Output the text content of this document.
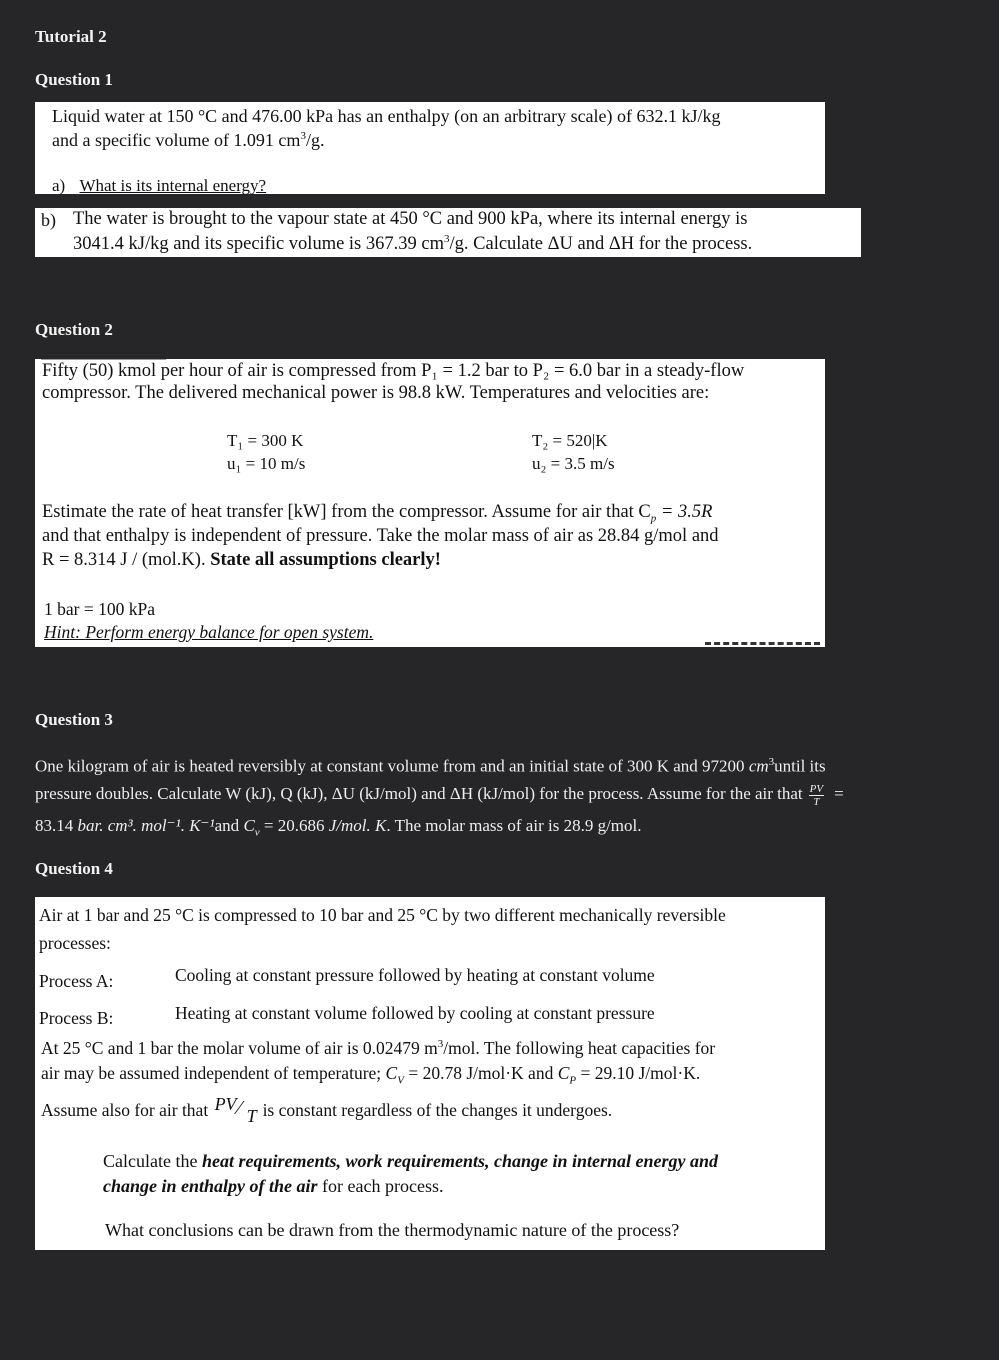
Tutorial 2
Question 1
Liquid water at 150 °C and 476.00 kPa has an enthalpy (on an arbitrary scale) of 632.1 kJ/kg
and a specific volume of 1.091 $cm^3/g$.
a) What is its internal energy?
b) The water is brought to the vapour state at 450 °C and 900 kPa, where its internal energy is
3041.4 kJ/kg and its specific volume is 367.39 $cm^3/g$. Calculate ΔU and ΔH for the process.
Question 2
Fifty (50) kmol per hour of air is compressed from P₁ = 1.2 bar to P₂ = 6.0 bar in a steady-flow
compressor. The delivered mechanical power is 98.8 kW. Temperatures and velocities are:
T₁ = 300 K
u₁ = 10 m/s
T₂ = 520|K
u₂ = 3.5 m/s
Estimate the rate of heat transfer [kW] from the compressor. Assume for air that $C_p = 3.5R$
and that enthalpy is independent of pressure. Take the molar mass of air as 28.84 g/mol and
R = 8.314 J / (mol.K). State all assumptions clearly!
1 bar = 100 kPa
Hint: Perform energy balance for open system.
Question 3
One kilogram of air is heated reversibly at constant volume from and an initial state of 300 K and 97200 $cm^3until$ its
pressure doubles. Calculate W (kJ), Q (kJ), ΔU (kJ/mol) and ΔH (kJ/mol) for the process. Assume for the air that $\frac{PV}{T}$ =
83.14 bar. cm³. mol⁻¹. K⁻¹and $C_v = 20.686$ J/mol. K. The molar mass of air is 28.9 g/mol.
Question 4
Air at 1 bar and 25 °C is compressed to 10 bar and 25 °C by two different mechanically reversible
processes:
Process A:	Cooling at constant pressure followed by heating at constant volume
Process B:	Heating at constant volume followed by cooling at constant pressure
At 25 °C and 1 bar the molar volume of air is 0.02479 $m^3$/mol. The following heat capacities for
air may be assumed independent of temperature; $C_V = 20.78$ J/mol·K and $C_P = 29.10$ J/mol·K.
Assume also for air that PV ⁄ T is constant regardless of the changes it undergoes.
Calculate the heat requirements, work requirements, change in internal energy and
change in enthalpy of the air for each process.
What conclusions can be drawn from the thermodynamic nature of the process?
